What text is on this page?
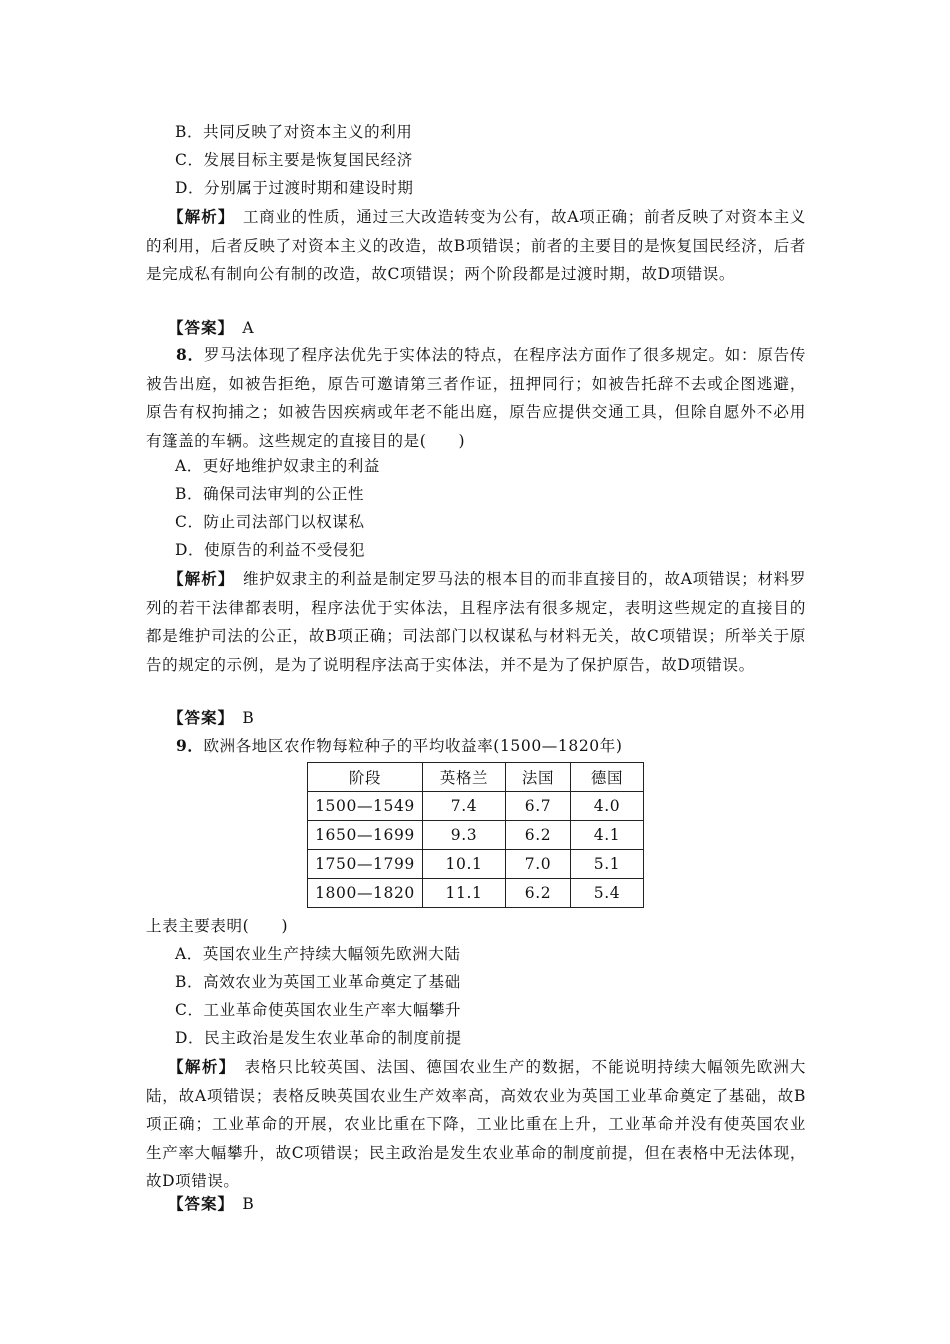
B．共同反映了对资本主义的利用
C．发展目标主要是恢复国民经济
D．分别属于过渡时期和建设时期
【解析】　 工商业的性质，通过三大改造转变为公有，故A项正确；前者反映了对资本主义的利用，后者反映了对资本主义的改造，故B项错误；前者的主要目的是恢复国民经济，后者是完成私有制向公有制的改造，故C项错误；两个阶段都是过渡时期，故D项错误。
【答案】　 A
8．罗马法体现了程序法优先于实体法的特点，在程序法方面作了很多规定。如：原告传被告出庭，如被告拒绝，原告可邀请第三者作证，扭押同行；如被告托辞不去或企图逃避，原告有权拘捕之；如被告因疾病或年老不能出庭，原告应提供交通工具，但除自愿外不必用有篷盖的车辆。这些规定的直接目的是(　　)
A．更好地维护奴隶主的利益
B．确保司法审判的公正性
C．防止司法部门以权谋私
D．使原告的利益不受侵犯
【解析】　 维护奴隶主的利益是制定罗马法的根本目的而非直接目的，故A项错误；材料罗列的若干法律都表明，程序法优于实体法，且程序法有很多规定，表明这些规定的直接目的都是维护司法的公正，故B项正确；司法部门以权谋私与材料无关，故C项错误；所举关于原告的规定的示例，是为了说明程序法高于实体法，并不是为了保护原告，故D项错误。
【答案】　 B
9．欧洲各地区农作物每粒种子的平均收益率(1500—1820年)
阶段	英格兰	法国	德国
1500—1549	7.4	6.7	4.0
1650—1699	9.3	6.2	4.1
1750—1799	10.1	7.0	5.1
1800—1820	11.1	6.2	5.4
上表主要表明(　　)
A．英国农业生产持续大幅领先欧洲大陆
B．高效农业为英国工业革命奠定了基础
C．工业革命使英国农业生产率大幅攀升
D．民主政治是发生农业革命的制度前提
【解析】　 表格只比较英国、法国、德国农业生产的数据，不能说明持续大幅领先欧洲大陆，故A项错误；表格反映英国农业生产效率高，高效农业为英国工业革命奠定了基础，故B项正确；工业革命的开展，农业比重在下降，工业比重在上升，工业革命并没有使英国农业生产率大幅攀升，故C项错误；民主政治是发生农业革命的制度前提，但在表格中无法体现，故D项错误。
【答案】　 B
